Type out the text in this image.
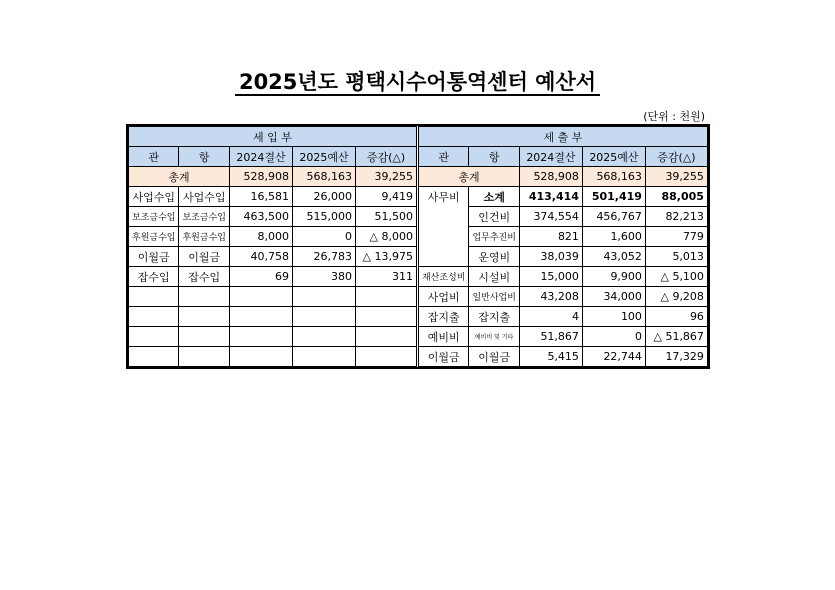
2025년도 평택시수어통역센터 예산서
(단위 : 천원)
세 입 부					세 출 부				
관	항	2024결산	2025예산	증감(△)	관	항	2024결산	2025예산	증감(△)
총계		528,908	568,163	39,255	총계		528,908	568,163	39,255
사업수입	사업수입	16,581	26,000	9,419	사무비	소계	413,414	501,419	88,005
보조금수입	보조금수입	463,500	515,000	51,500		인건비	374,554	456,767	82,213
후원금수입	후원금수입	8,000	0	△ 8,000		업무추진비	821	1,600	779
이월금	이월금	40,758	26,783	△ 13,975		운영비	38,039	43,052	5,013
잡수입	잡수입	69	380	311	재산조성비	시설비	15,000	9,900	△ 5,100
					사업비	일반사업비	43,208	34,000	△ 9,208
					잡지출	잡지출	4	100	96
					예비비	예비비 및 기타	51,867	0	△ 51,867
					이월금	이월금	5,415	22,744	17,329
